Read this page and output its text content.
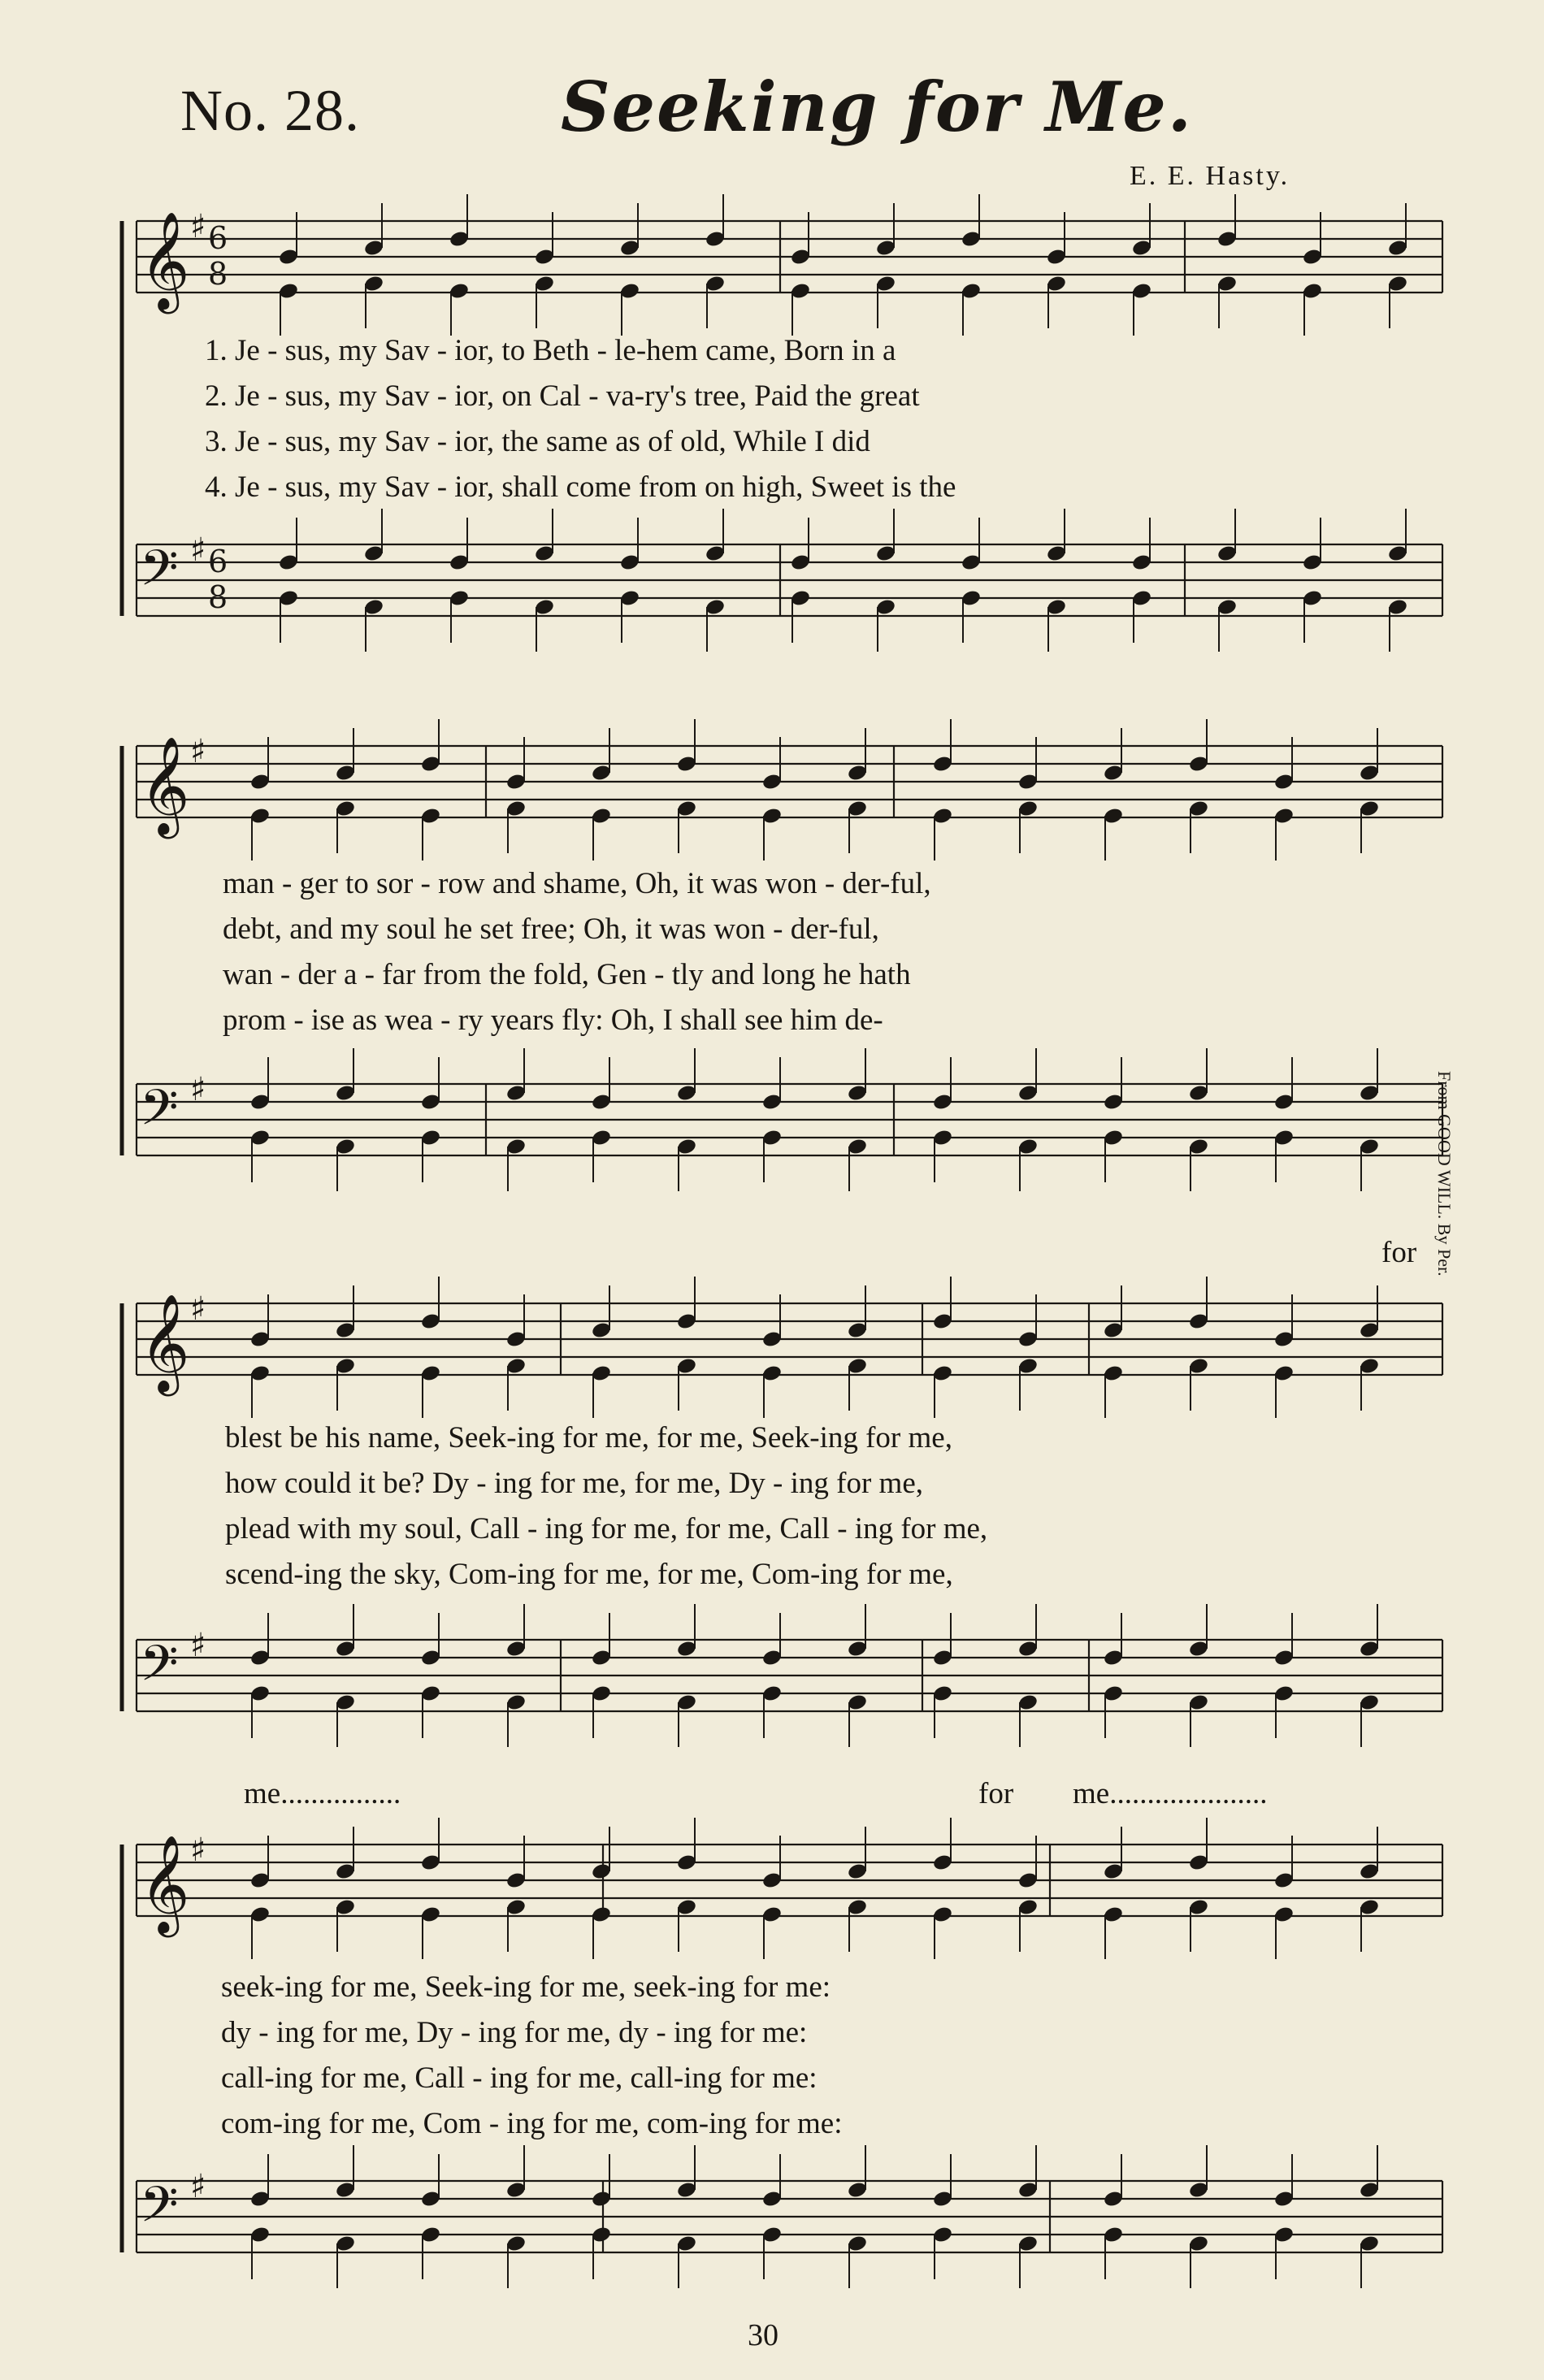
No. 28.	Seeking for Me.
E. E. Hasty.
𝄞
𝄢
♯
♯
𝄞
𝄢
♯
♯
𝄞
𝄢
♯
♯
𝄞
𝄢
♯
♯
6
8
6
8
1. Je - sus, my Sav - ior, to Beth - le-hem came, Born in a
2. Je - sus, my Sav - ior, on Cal - va-ry's tree, Paid the great
3. Je - sus, my Sav - ior, the same as of old, While I did
4. Je - sus, my Sav - ior, shall come from on high, Sweet is the
man - ger to sor - row and shame, Oh, it was won - der-ful,
debt, and my soul he set free; Oh, it was won - der-ful,
wan - der a - far from the fold, Gen - tly and long he hath
prom - ise as wea - ry years fly: Oh, I shall see him de-
for
blest be his name, Seek-ing for me, for me, Seek-ing for me,
how could it be? Dy - ing for me, for me, Dy - ing for me,
plead with my soul, Call - ing for me, for me, Call - ing for me,
scend-ing the sky, Com-ing for me, for me, Com-ing for me,
me................	for me.....................
seek-ing for me, Seek-ing for me, seek-ing for me:
dy - ing for me, Dy - ing for me, dy - ing for me:
call-ing for me, Call - ing for me, call-ing for me:
com-ing for me, Com - ing for me, com-ing for me:
From GOOD WILL. By Per.
30
